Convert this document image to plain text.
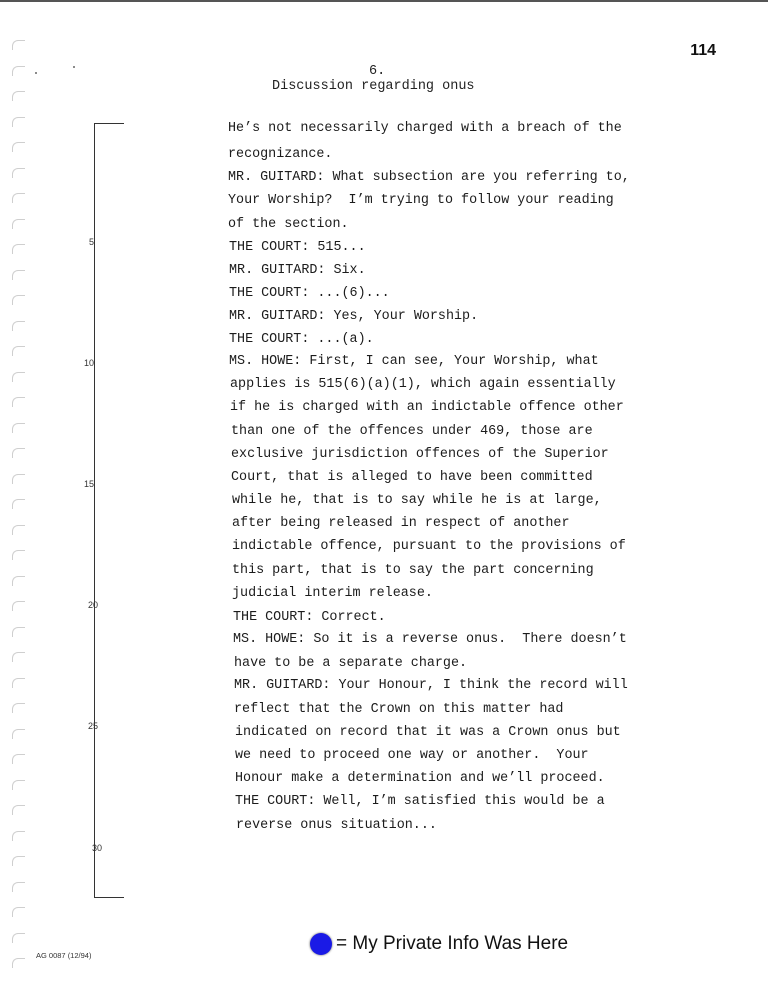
114
6.
Discussion regarding onus
5
10
15
20
25
30
He’s not necessarily charged with a breach of the
recognizance.
MR. GUITARD: What subsection are you referring to,
Your Worship?  I’m trying to follow your reading
of the section.
THE COURT: 515...
MR. GUITARD: Six.
THE COURT: ...(6)...
MR. GUITARD: Yes, Your Worship.
THE COURT: ...(a).
MS. HOWE: First, I can see, Your Worship, what
applies is 515(6)(a)(1), which again essentially
if he is charged with an indictable offence other
than one of the offences under 469, those are
exclusive jurisdiction offences of the Superior
Court, that is alleged to have been committed
while he, that is to say while he is at large,
after being released in respect of another
indictable offence, pursuant to the provisions of
this part, that is to say the part concerning
judicial interim release.
THE COURT: Correct.
MS. HOWE: So it is a reverse onus.  There doesn’t
have to be a separate charge.
MR. GUITARD: Your Honour, I think the record will
reflect that the Crown on this matter had
indicated on record that it was a Crown onus but
we need to proceed one way or another.  Your
Honour make a determination and we’ll proceed.
THE COURT: Well, I’m satisfied this would be a
reverse onus situation...
AG 0087 (12/94)
= My Private Info Was Here
